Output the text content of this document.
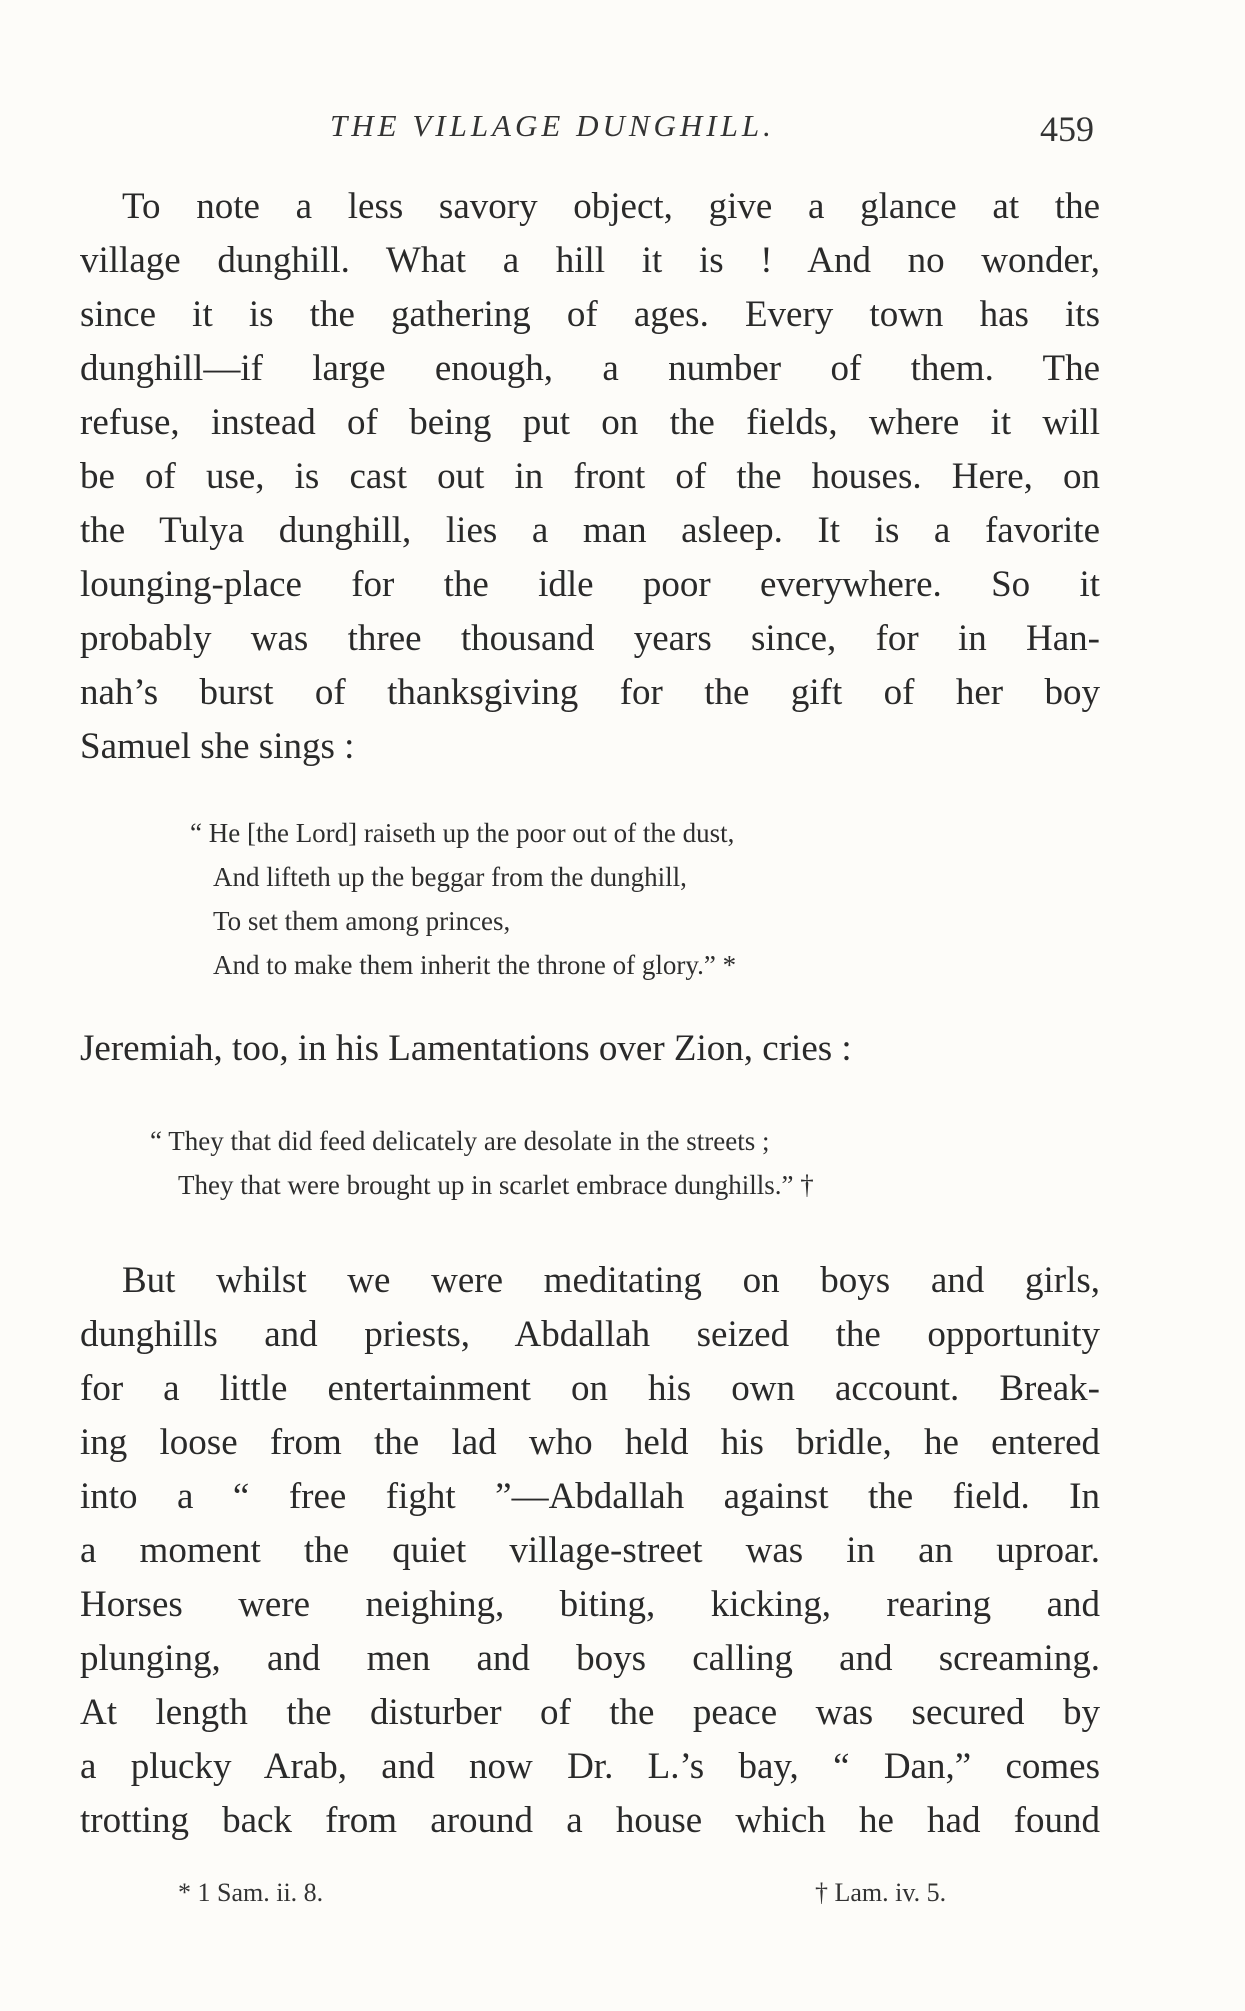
THE VILLAGE DUNGHILL.	459
To note a less savory object, give a glance at the
village dunghill. What a hill it is ! And no wonder,
since it is the gathering of ages. Every town has its
dunghill—if large enough, a number of them. The
refuse, instead of being put on the fields, where it will
be of use, is cast out in front of the houses. Here, on
the Tulya dunghill, lies a man asleep. It is a favorite
lounging-place for the idle poor everywhere. So it
probably was three thousand years since, for in Han-
nah’s burst of thanksgiving for the gift of her boy
Samuel she sings :
“ He [the Lord] raiseth up the poor out of the dust,
And lifteth up the beggar from the dunghill,
To set them among princes,
And to make them inherit the throne of glory.” *
Jeremiah, too, in his Lamentations over Zion, cries :
“ They that did feed delicately are desolate in the streets ;
They that were brought up in scarlet embrace dunghills.” †
But whilst we were meditating on boys and girls,
dunghills and priests, Abdallah seized the opportunity
for a little entertainment on his own account. Break-
ing loose from the lad who held his bridle, he entered
into a “ free fight ”—Abdallah against the field. In
a moment the quiet village-street was in an uproar.
Horses were neighing, biting, kicking, rearing and
plunging, and men and boys calling and screaming.
At length the disturber of the peace was secured by
a plucky Arab, and now Dr. L.’s bay, “ Dan,” comes
trotting back from around a house which he had found
* 1 Sam. ii. 8.	† Lam. iv. 5.
